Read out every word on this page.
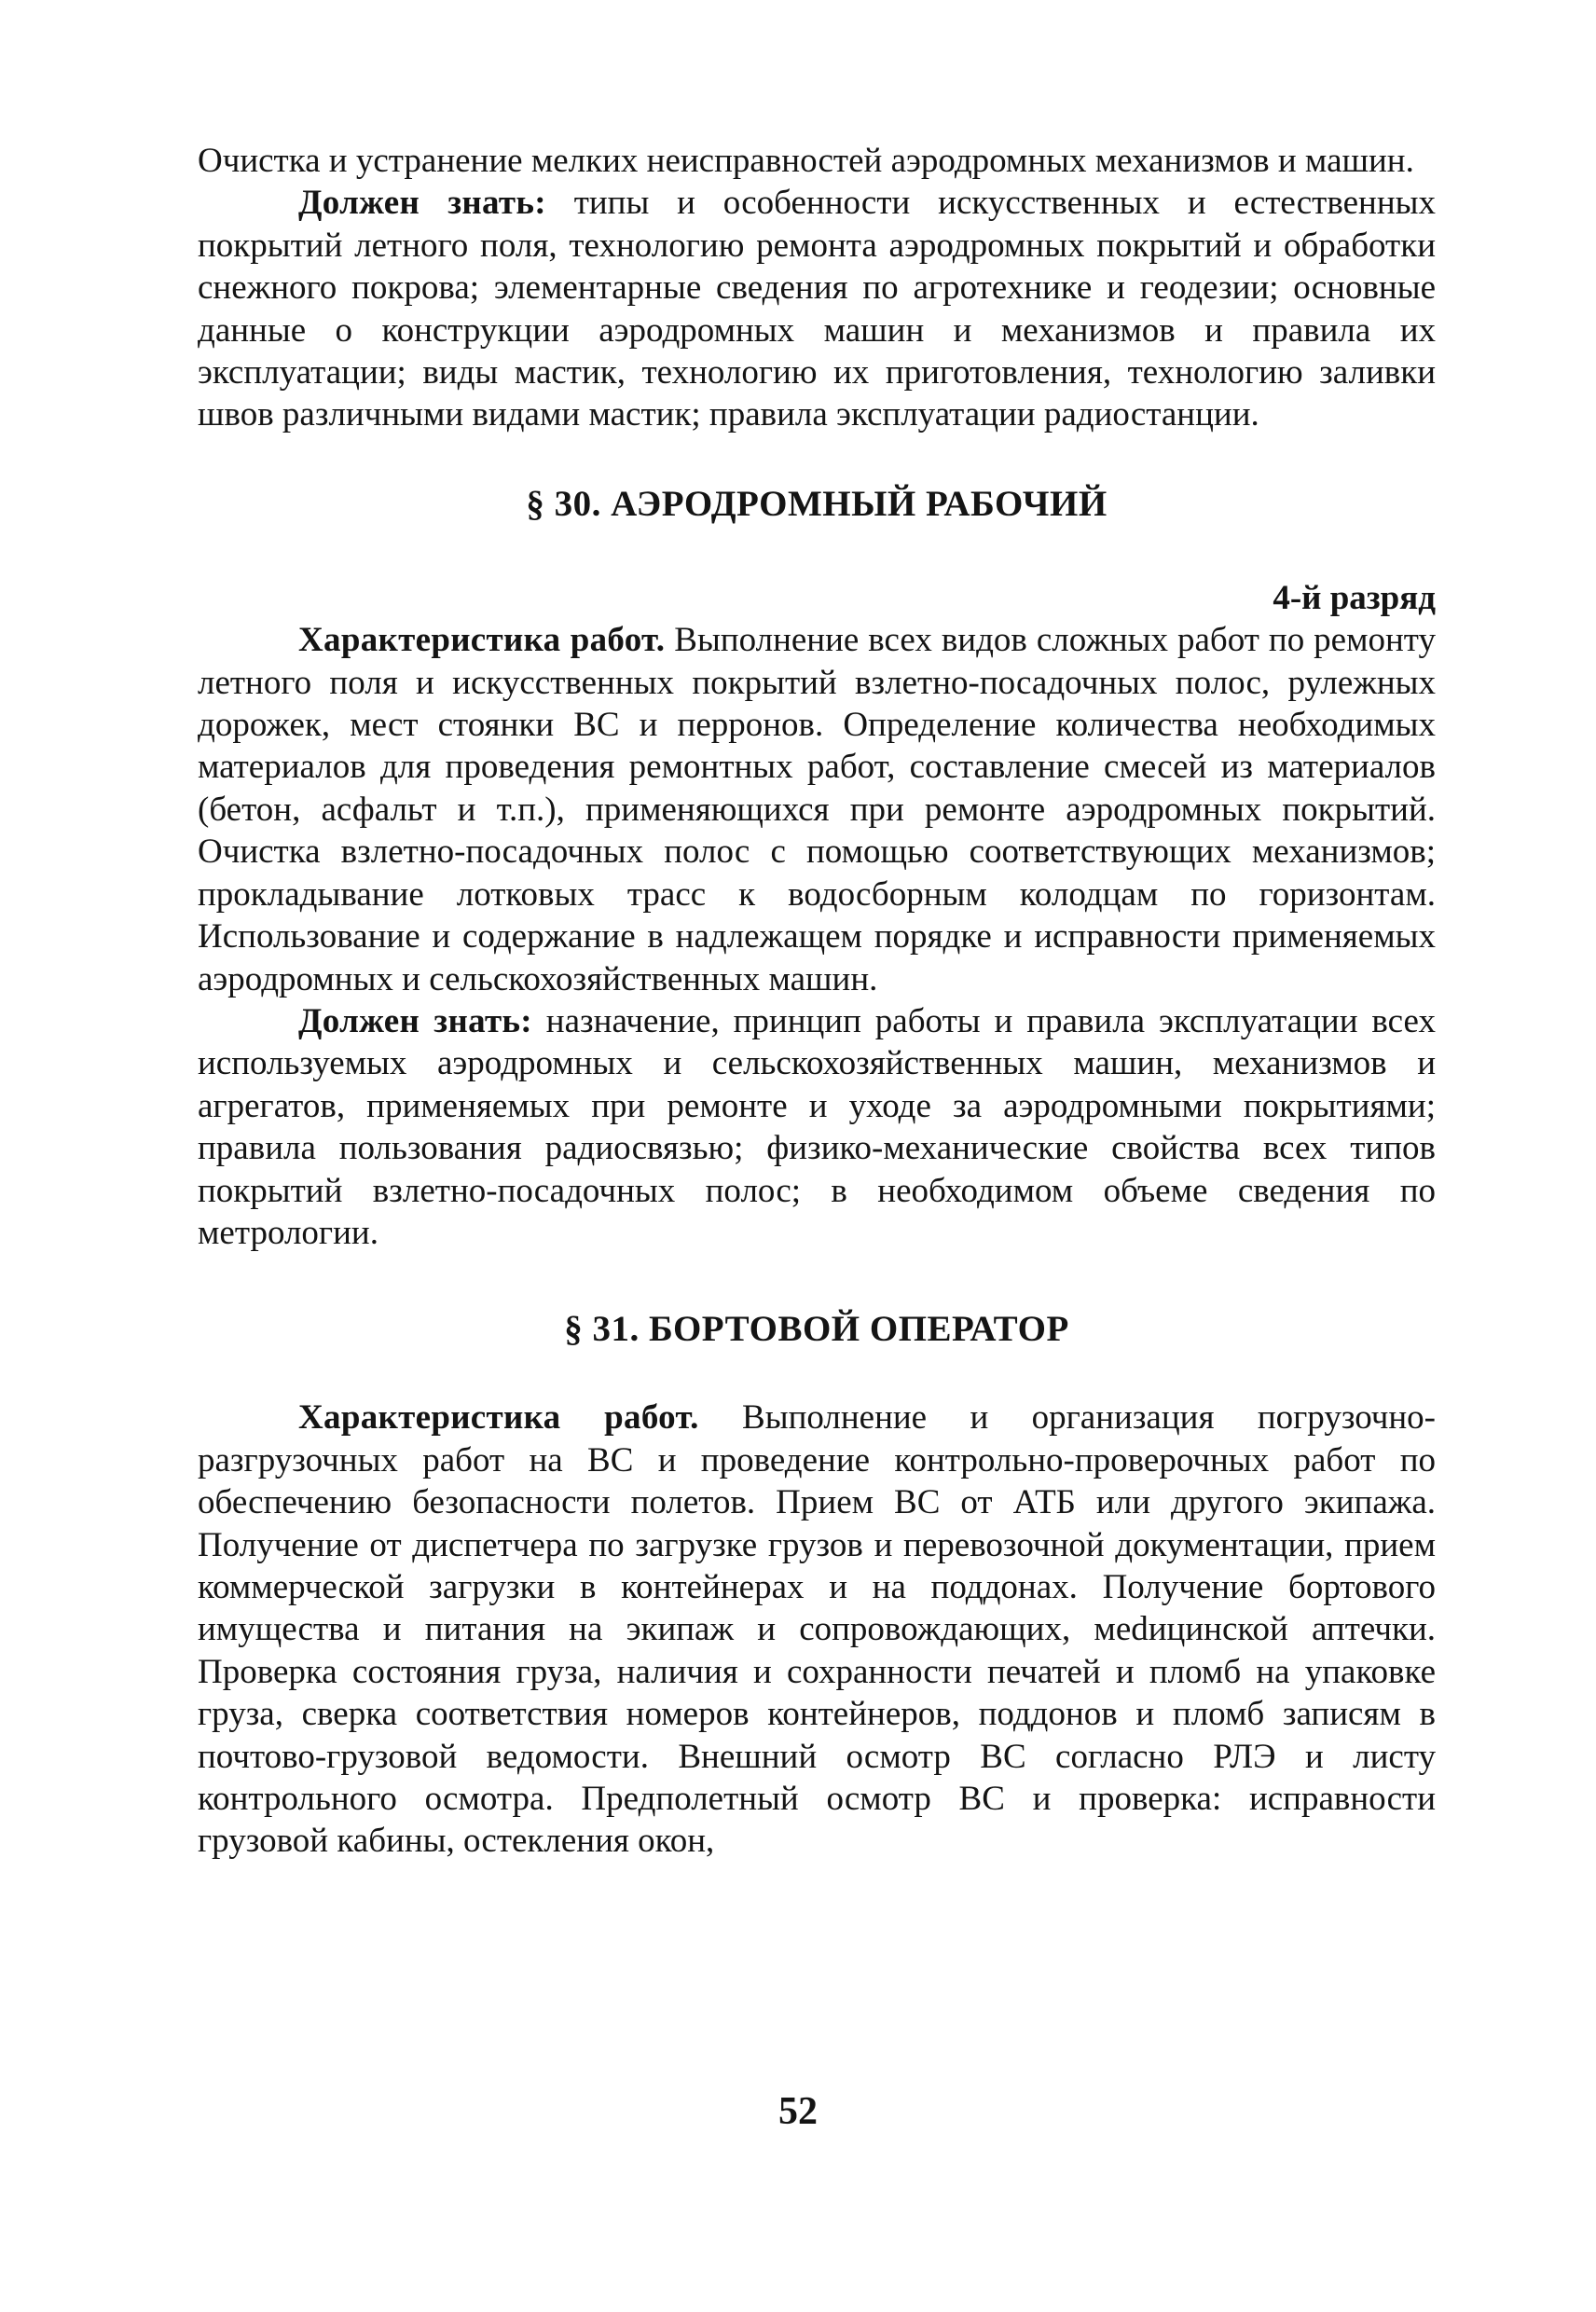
Очистка и устранение мелких неисправностей аэродромных механизмов и машин.

Должен знать: типы и особенности искусственных и естественных покрытий летного поля, технологию ремонта аэродромных покрытий и обработки снежного покрова; элементарные сведения по агротехнике и геодезии; основные данные о конструкции аэродромных машин и механизмов и правила их эксплуатации; виды мастик, технологию их приготовления, технологию заливки швов различными видами мастик; правила эксплуатации радиостанции.

§ 30. АЭРОДРОМНЫЙ РАБОЧИЙ
4-й разряд

Характеристика работ. Выполнение всех видов сложных работ по ремонту летного поля и искусственных покрытий взлетно-посадочных полос, рулежных дорожек, мест стоянки ВС и перронов. Определение количества необходимых материалов для проведения ремонтных работ, составление смесей из материалов (бетон, асфальт и т.п.), применяющихся при ремонте аэродромных покрытий. Очистка взлетно-посадочных полос с помощью соответствующих механизмов; прокладывание лотковых трасс к водосборным колодцам по горизонтам. Использование и содержание в надлежащем порядке и исправности применяемых аэродромных и сельскохозяйственных машин.

Должен знать: назначение, принцип работы и правила эксплуатации всех используемых аэродромных и сельскохозяйственных машин, механизмов и агрегатов, применяемых при ремонте и уходе за аэродромными покрытиями; правила пользования радиосвязью; физико-механические свойства всех типов покрытий взлетно-посадочных полос; в необходимом объеме сведения по метрологии.

§ 31. БОРТОВОЙ ОПЕРАТОР

Характеристика работ. Выполнение и организация погрузочно-разгрузочных работ на ВС и проведение контрольно-проверочных работ по обеспечению безопасности полетов. Прием ВС от АТБ или другого экипажа. Получение от диспетчера по загрузке грузов и перевозочной документации, прием коммерческой загрузки в контейнерах и на поддонах. Получение бортового имущества и питания на экипаж и сопровождающих, меdицинской аптечки. Проверка состояния груза, наличия и сохранности печатей и пломб на упаковке груза, сверка соответствия номеров контейнеров, поддонов и пломб записям в почтово-грузовой ведомости. Внешний осмотр ВС согласно РЛЭ и листу контрольного осмотра. Предполетный осмотр ВС и проверка: исправности грузовой кабины, остекления окон,

52
